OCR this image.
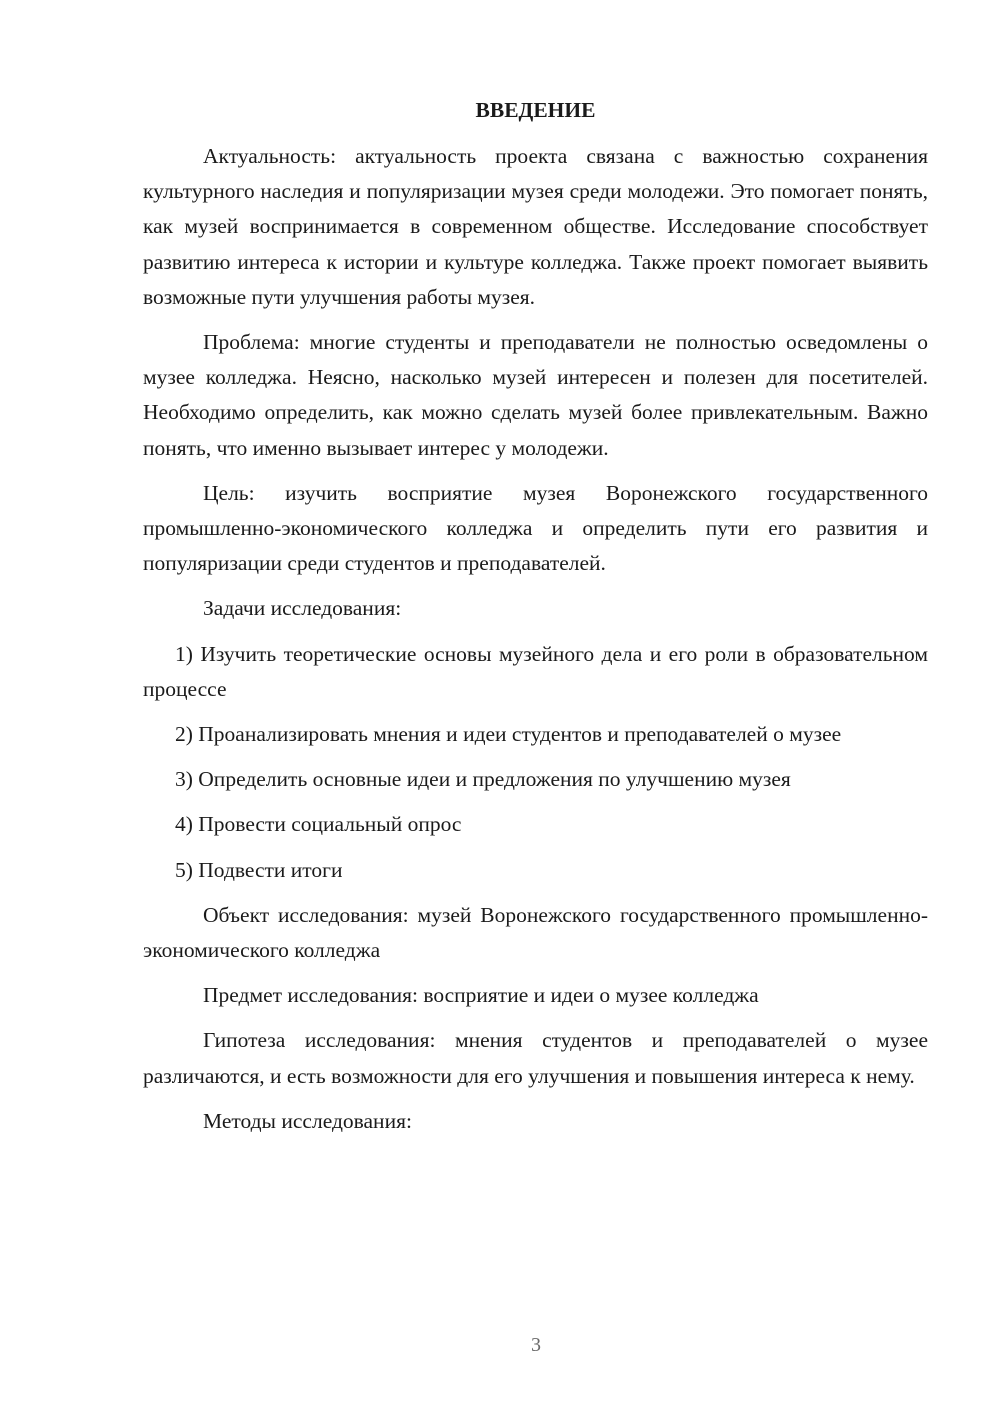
ВВЕДЕНИЕ

Актуальность: актуальность проекта связана с важностью сохранения культурного наследия и популяризации музея среди молодежи. Это помогает понять, как музей воспринимается в современном обществе. Исследование способствует развитию интереса к истории и культуре колледжа. Также проект помогает выявить возможные пути улучшения работы музея.

Проблема: многие студенты и преподаватели не полностью осведомлены о музее колледжа. Неясно, насколько музей интересен и полезен для посетителей. Необходимо определить, как можно сделать музей более привлекательным. Важно понять, что именно вызывает интерес у молодежи.

Цель: изучить восприятие музея Воронежского государственного промышленно-экономического колледжа и определить пути его развития и популяризации среди студентов и преподавателей.

Задачи исследования:

1) Изучить теоретические основы музейного дела и его роли в образовательном процессе

2) Проанализировать мнения и идеи студентов и преподавателей о музее

3) Определить основные идеи и предложения по улучшению музея

4) Провести социальный опрос

5) Подвести итоги

Объект исследования: музей Воронежского государственного промышленно-экономического колледжа

Предмет исследования: восприятие и идеи о музее колледжа

Гипотеза исследования: мнения студентов и преподавателей о музее различаются, и есть возможности для его улучшения и повышения интереса к нему.

Методы исследования:

3
